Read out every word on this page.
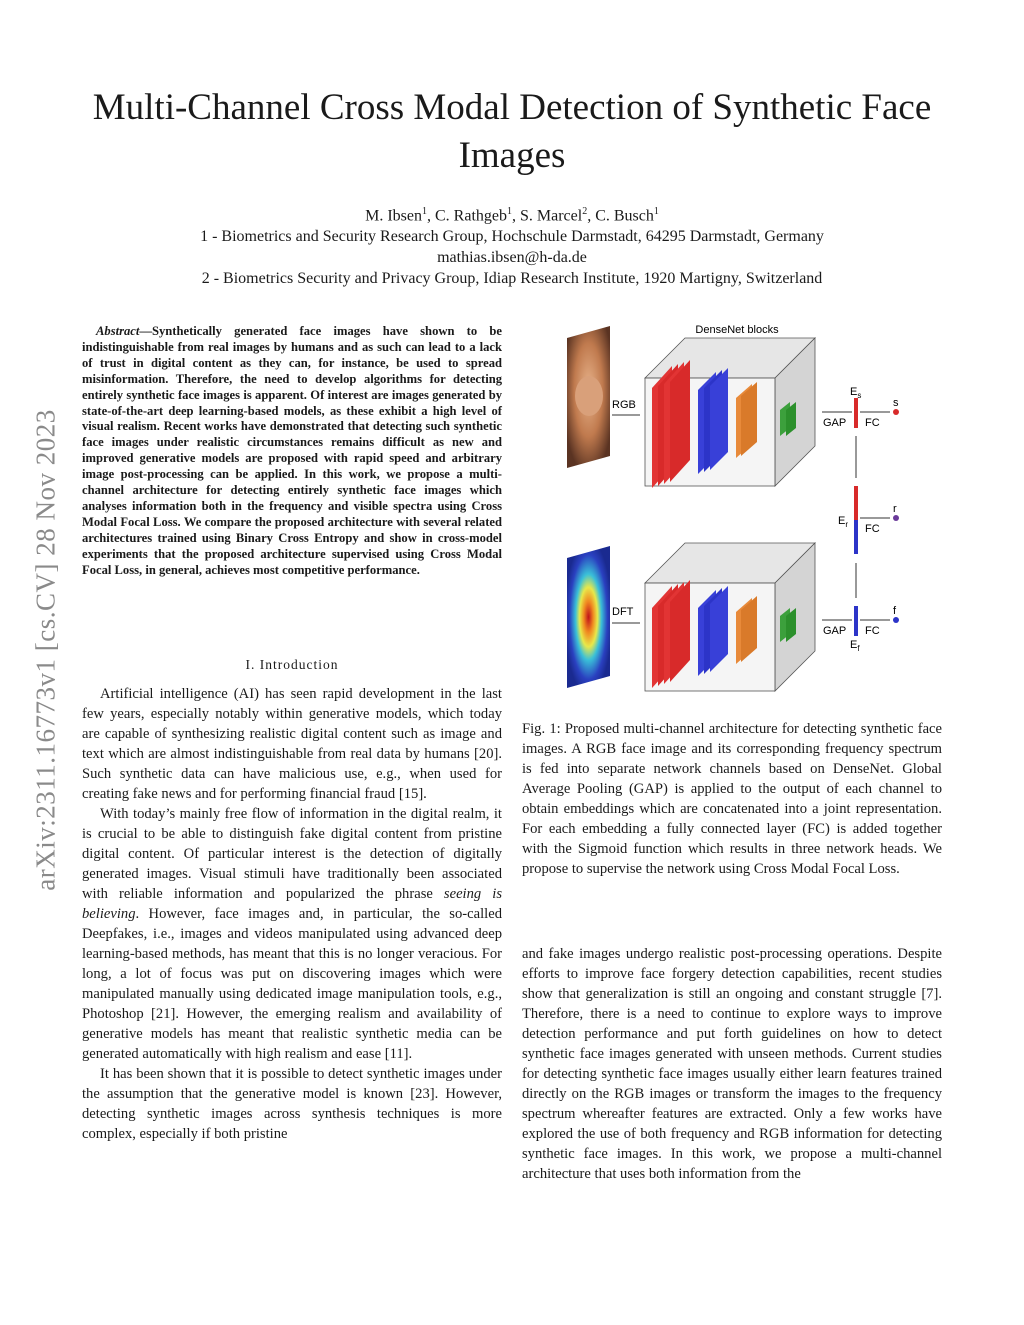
arXiv:2311.16773v1 [cs.CV] 28 Nov 2023
Multi-Channel Cross Modal Detection of Synthetic Face Images
M. Ibsen$^1$, C. Rathgeb$^1$, S. Marcel$^2$, C. Busch$^1$
1 - Biometrics and Security Research Group, Hochschule Darmstadt, 64295 Darmstadt, Germany
mathias.ibsen@h-da.de
2 - Biometrics Security and Privacy Group, Idiap Research Institute, 1920 Martigny, Switzerland

Abstract—Synthetically generated face images have shown to be indistinguishable from real images by humans and as such can lead to a lack of trust in digital content as they can, for instance, be used to spread misinformation. Therefore, the need to develop algorithms for detecting entirely synthetic face images is apparent. Of interest are images generated by state-of-the-art deep learning-based models, as these exhibit a high level of visual realism. Recent works have demonstrated that detecting such synthetic face images under realistic circumstances remains difficult as new and improved generative models are proposed with rapid speed and arbitrary image post-processing can be applied. In this work, we propose a multi-channel architecture for detecting entirely synthetic face images which analyses information both in the frequency and visible spectra using Cross Modal Focal Loss. We compare the proposed architecture with several related architectures trained using Binary Cross Entropy and show in cross-model experiments that the proposed architecture supervised using Cross Modal Focal Loss, in general, achieves most competitive performance.

I. Introduction

Artificial intelligence (AI) has seen rapid development in the last few years, especially notably within generative models, which today are capable of synthesizing realistic digital content such as image and text which are almost indistinguishable from real data by humans [20]. Such synthetic data can have malicious use, e.g., when used for creating fake news and for performing financial fraud [15].

With today’s mainly free flow of information in the digital realm, it is crucial to be able to distinguish fake digital content from pristine digital content. Of particular interest is the detection of digitally generated images. Visual stimuli have traditionally been associated with reliable information and popularized the phrase seeing is believing. However, face images and, in particular, the so-called Deepfakes, i.e., images and videos manipulated using advanced deep learning-based methods, has meant that this is no longer veracious. For long, a lot of focus was put on discovering images which were manipulated manually using dedicated image manipulation tools, e.g., Photoshop [21]. However, the emerging realism and availability of generative models has meant that realistic synthetic media can be generated automatically with high realism and ease [11].

It has been shown that it is possible to detect synthetic images under the assumption that the generative model is known [23]. However, detecting synthetic images across synthesis techniques is more complex, especially if both pristine

DenseNet blocks
RGB
DFT
GAP
$E_s$
FC
s
$E_r$ FC
r
GAP
$E_f$
FC
f

Fig. 1: Proposed multi-channel architecture for detecting synthetic face images. A RGB face image and its corresponding frequency spectrum is fed into separate network channels based on DenseNet. Global Average Pooling (GAP) is applied to the output of each channel to obtain embeddings which are concatenated into a joint representation. For each embedding a fully connected layer (FC) is added together with the Sigmoid function which results in three network heads. We propose to supervise the network using Cross Modal Focal Loss.

and fake images undergo realistic post-processing operations. Despite efforts to improve face forgery detection capabilities, recent studies show that generalization is still an ongoing and constant struggle [7]. Therefore, there is a need to continue to explore ways to improve detection performance and put forth guidelines on how to detect synthetic face images generated with unseen methods. Current studies for detecting synthetic face images usually either learn features trained directly on the RGB images or transform the images to the frequency spectrum whereafter features are extracted. Only a few works have explored the use of both frequency and RGB information for detecting synthetic face images. In this work, we propose a multi-channel architecture that uses both information from the
